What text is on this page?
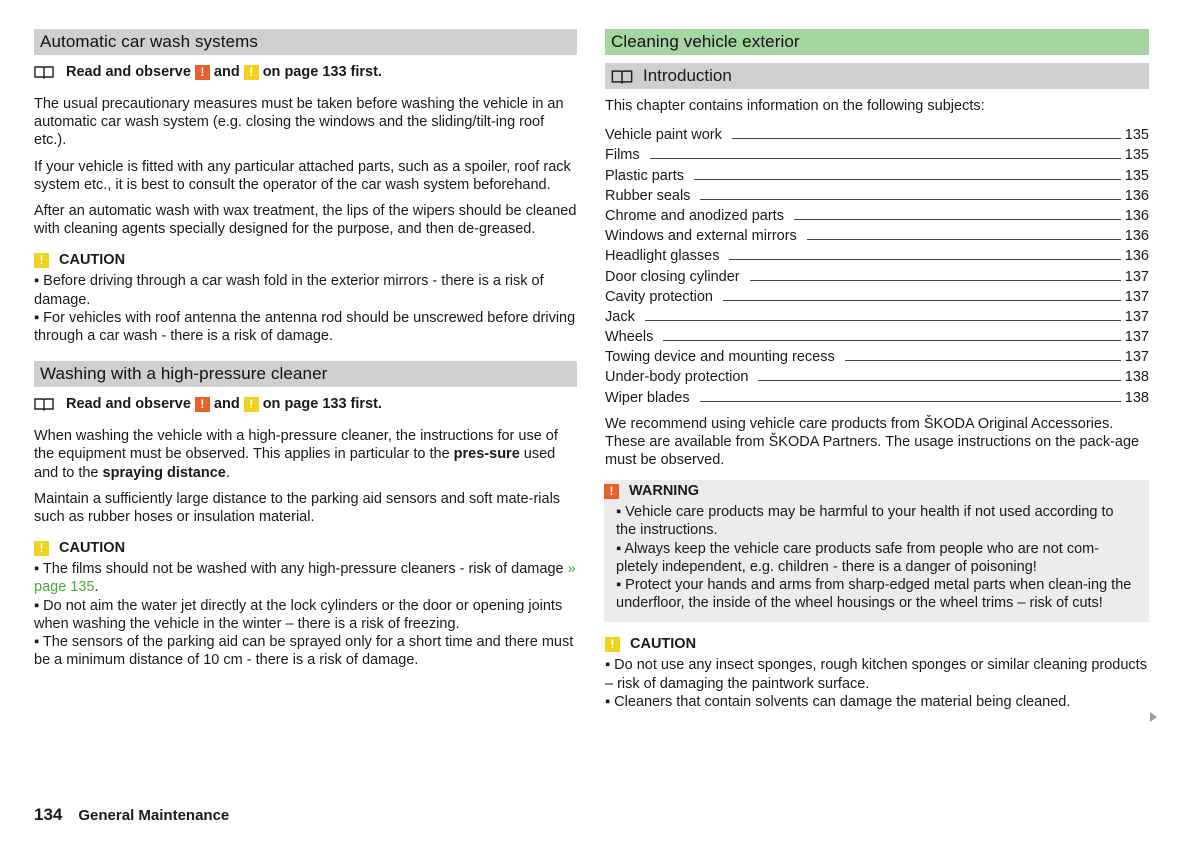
Automatic car wash systems
Read and observe ! and ! on page 133 first.

The usual precautionary measures must be taken before washing the vehicle in an automatic car wash system (e.g. closing the windows and the sliding/tilt-ing roof etc.).

If your vehicle is fitted with any particular attached parts, such as a spoiler, roof rack system etc., it is best to consult the operator of the car wash system beforehand.

After an automatic wash with wax treatment, the lips of the wipers should be cleaned with cleaning agents specially designed for the purpose, and then de-greased.

!	CAUTION
▪ Before driving through a car wash fold in the exterior mirrors - there is a risk of damage.
▪ For vehicles with roof antenna the antenna rod should be unscrewed before driving through a car wash - there is a risk of damage.
Washing with a high-pressure cleaner
Read and observe ! and ! on page 133 first.

When washing the vehicle with a high-pressure cleaner, the instructions for use of the equipment must be observed. This applies in particular to the pres-sure used and to the spraying distance.

Maintain a sufficiently large distance to the parking aid sensors and soft mate-rials such as rubber hoses or insulation material.

!	CAUTION
▪ The films should not be washed with any high-pressure cleaners - risk of damage » page 135.
▪ Do not aim the water jet directly at the lock cylinders or the door or opening joints when washing the vehicle in the winter – there is a risk of freezing.
▪ The sensors of the parking aid can be sprayed only for a short time and there must be a minimum distance of 10 cm - there is a risk of damage.
Cleaning vehicle exterior
Introduction
This chapter contains information on the following subjects:
Vehicle paint work	135
Films	135
Plastic parts	135
Rubber seals	136
Chrome and anodized parts	136
Windows and external mirrors	136
Headlight glasses	136
Door closing cylinder	137
Cavity protection	137
Jack	137
Wheels	137
Towing device and mounting recess	137
Under-body protection	138
Wiper blades	138

We recommend using vehicle care products from ŠKODA Original Accessories. These are available from ŠKODA Partners. The usage instructions on the pack-age must be observed.

!	WARNING
▪ Vehicle care products may be harmful to your health if not used according to the instructions.
▪ Always keep the vehicle care products safe from people who are not com-pletely independent, e.g. children - there is a danger of poisoning!
▪ Protect your hands and arms from sharp-edged metal parts when clean-ing the underfloor, the inside of the wheel housings or the wheel trims – risk of cuts!
!	CAUTION
▪ Do not use any insect sponges, rough kitchen sponges or similar cleaning products – risk of damaging the paintwork surface.
▪ Cleaners that contain solvents can damage the material being cleaned.
134 General Maintenance
